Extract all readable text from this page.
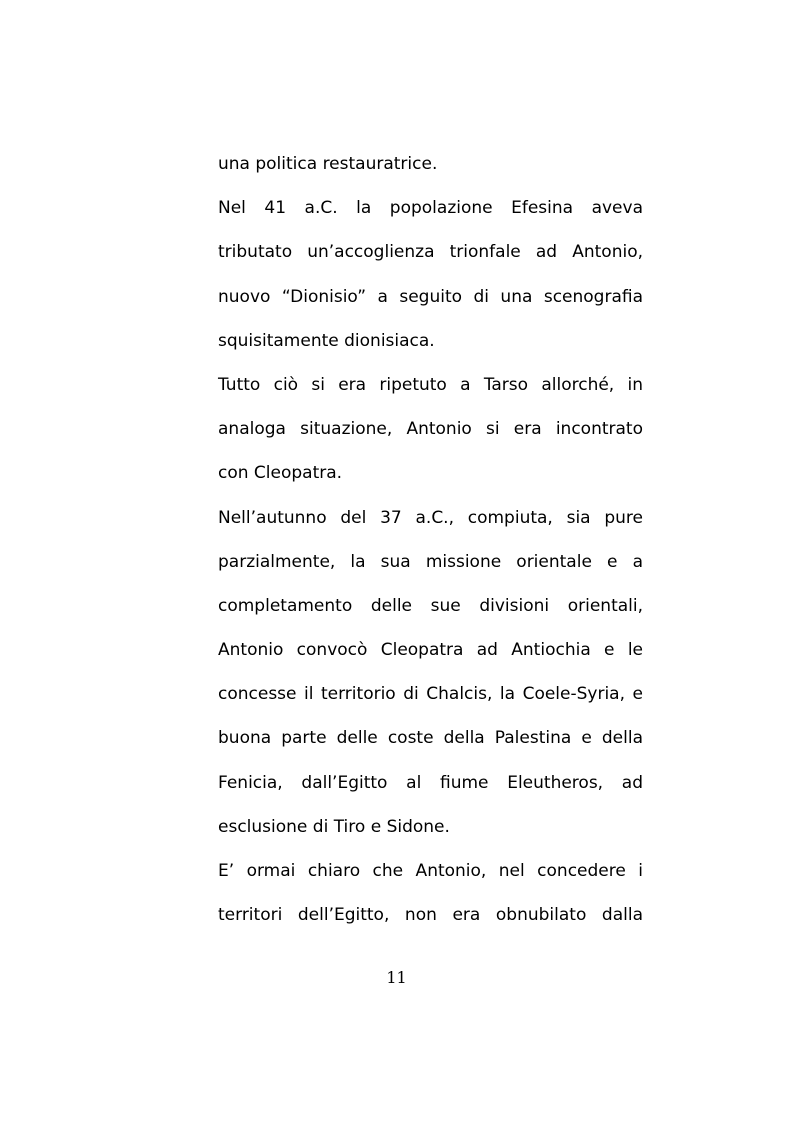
una politica restauratrice.
Nel 41 a.C. la popolazione Efesina aveva
tributato un’accoglienza trionfale ad Antonio,
nuovo “Dionisio” a seguito di una scenografia
squisitamente dionisiaca.
Tutto ciò si era ripetuto a Tarso allorché, in
analoga situazione, Antonio si era incontrato
con Cleopatra.
Nell’autunno del 37 a.C., compiuta, sia pure
parzialmente, la sua missione orientale e a
completamento delle sue divisioni orientali,
Antonio convocò Cleopatra ad Antiochia e le
concesse il territorio di Chalcis, la Coele-Syria, e
buona parte delle coste della Palestina e della
Fenicia, dall’Egitto al fiume Eleutheros, ad
esclusione di Tiro e Sidone.
E’ ormai chiaro che Antonio, nel concedere i
territori dell’Egitto, non era obnubilato dalla
11
